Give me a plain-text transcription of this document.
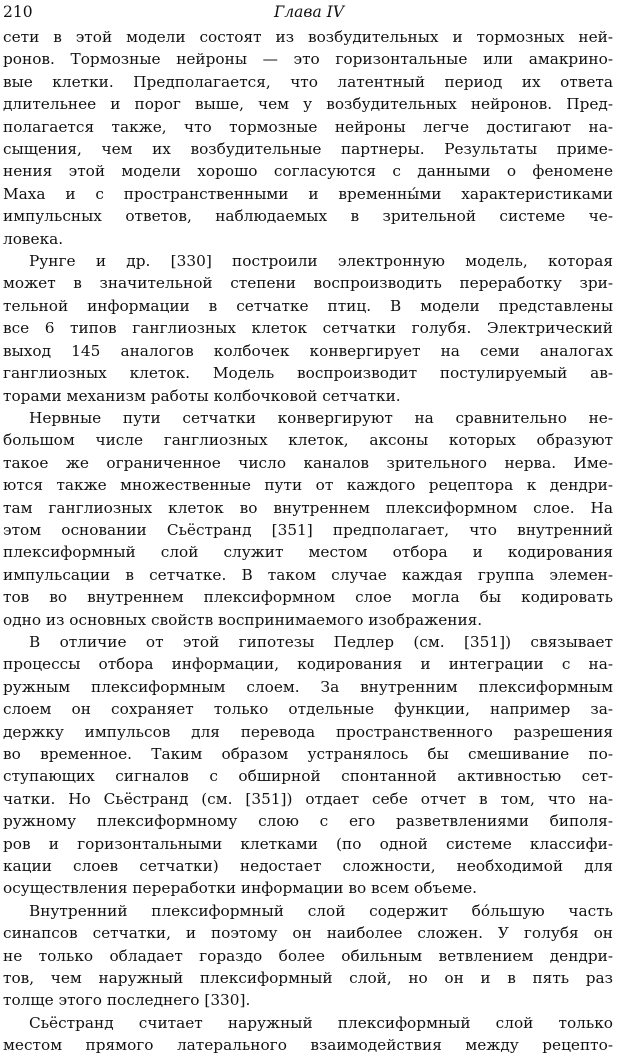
210	Глава IV
сети в этой модели состоят из возбудительных и тормозных ней-
ронов. Тормозные нейроны — это горизонтальные или амакрино-
вые клетки. Предполагается, что латентный период их ответа
длительнее и порог выше, чем у возбудительных нейронов. Пред-
полагается также, что тормозные нейроны легче достигают на-
сыщения, чем их возбудительные партнеры. Результаты приме-
нения этой модели хорошо согласуются с данными о феномене
Маха и с пространственными и временны́ми характеристиками
импульсных ответов, наблюдаемых в зрительной системе че-
ловека.
Рунге и др. [330] построили электронную модель, которая
может в значительной степени воспроизводить переработку зри-
тельной информации в сетчатке птиц. В модели представлены
все 6 типов ганглиозных клеток сетчатки голубя. Электрический
выход 145 аналогов колбочек конвергирует на семи аналогах
ганглиозных клеток. Модель воспроизводит постулируемый ав-
торами механизм работы колбочковой сетчатки.
Нервные пути сетчатки конвергируют на сравнительно не-
большом числе ганглиозных клеток, аксоны которых образуют
такое же ограниченное число каналов зрительного нерва. Име-
ются также множественные пути от каждого рецептора к дендри-
там ганглиозных клеток во внутреннем плексиформном слое. На
этом основании Сьёстранд [351] предполагает, что внутренний
плексиформный слой служит местом отбора и кодирования
импульсации в сетчатке. В таком случае каждая группа элемен-
тов во внутреннем плексиформном слое могла бы кодировать
одно из основных свойств воспринимаемого изображения.
В отличие от этой гипотезы Педлер (см. [351]) связывает
процессы отбора информации, кодирования и интеграции с на-
ружным плексиформным слоем. За внутренним плексиформным
слоем он сохраняет только отдельные функции, например за-
держку импульсов для перевода пространственного разрешения
во временное. Таким образом устранялось бы смешивание по-
ступающих сигналов с обширной спонтанной активностью сет-
чатки. Но Сьёстранд (см. [351]) отдает себе отчет в том, что на-
ружному плексиформному слою с его разветвлениями биполя-
ров и горизонтальными клетками (по одной системе классифи-
кации слоев сетчатки) недостает сложности, необходимой для
осуществления переработки информации во всем объеме.
Внутренний плексиформный слой содержит бо́льшую часть
синапсов сетчатки, и поэтому он наиболее сложен. У голубя он
не только обладает гораздо более обильным ветвлением дендри-
тов, чем наружный плексиформный слой, но он и в пять раз
толще этого последнего [330].
Сьёстранд считает наружный плексиформный слой только
местом прямого латерального взаимодействия между рецепто-
